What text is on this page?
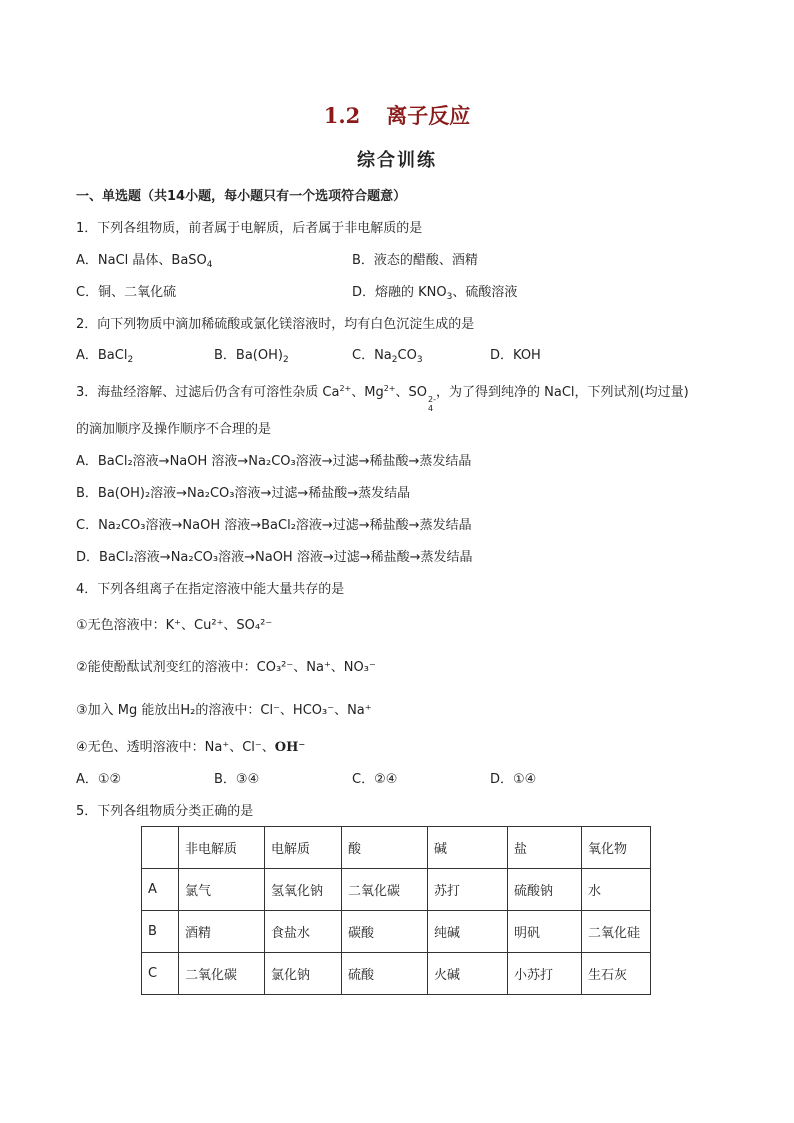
1.2 离子反应
综合训练
一、单选题（共14小题，每小题只有一个选项符合题意）
1．下列各组物质，前者属于电解质，后者属于非电解质的是
A．NaCl 晶体、BaSO$_4$	B．液态的醋酸、酒精
C．铜、二氧化硫	D．熔融的 $KNO_3$、硫酸溶液
2．向下列物质中滴加稀硫酸或氯化镁溶液时，均有白色沉淀生成的是
A．BaCl$_2$	B．$Ba(OH)_2$	C．$Na_2CO_3$	D．KOH
3．海盐经溶解、过滤后仍含有可溶性杂质 $Ca^{2+}$、$Mg^{2+}$、SO 2-
4
，为了得到纯净的 NaCl，下列试剂(均过量)
的滴加顺序及操作顺序不合理的是
A．BaCl₂溶液→NaOH 溶液→Na₂CO₃溶液→过滤→稀盐酸→蒸发结晶
B．Ba(OH)₂溶液→Na₂CO₃溶液→过滤→稀盐酸→蒸发结晶
C．Na₂CO₃溶液→NaOH 溶液→BaCl₂溶液→过滤→稀盐酸→蒸发结晶
D．BaCl₂溶液→Na₂CO₃溶液→NaOH 溶液→过滤→稀盐酸→蒸发结晶
4．下列各组离子在指定溶液中能大量共存的是
①无色溶液中：K⁺、Cu²⁺、SO₄²⁻
②能使酚酞试剂变红的溶液中：CO₃²⁻、Na⁺、NO₃⁻
③加入 Mg 能放出H₂的溶液中：Cl⁻、HCO₃⁻、Na⁺
④无色、透明溶液中：Na⁺、Cl⁻、OH⁻
A．①②	B．③④	C．②④	D．①④
5．下列各组物质分类正确的是
	非电解质	电解质	酸	碱	盐	氧化物
A	氯气	氢氧化钠	二氧化碳	苏打	硫酸钠	水
B	酒精	食盐水	碳酸	纯碱	明矾	二氧化硅
C	二氧化碳	氯化钠	硫酸	火碱	小苏打	生石灰
